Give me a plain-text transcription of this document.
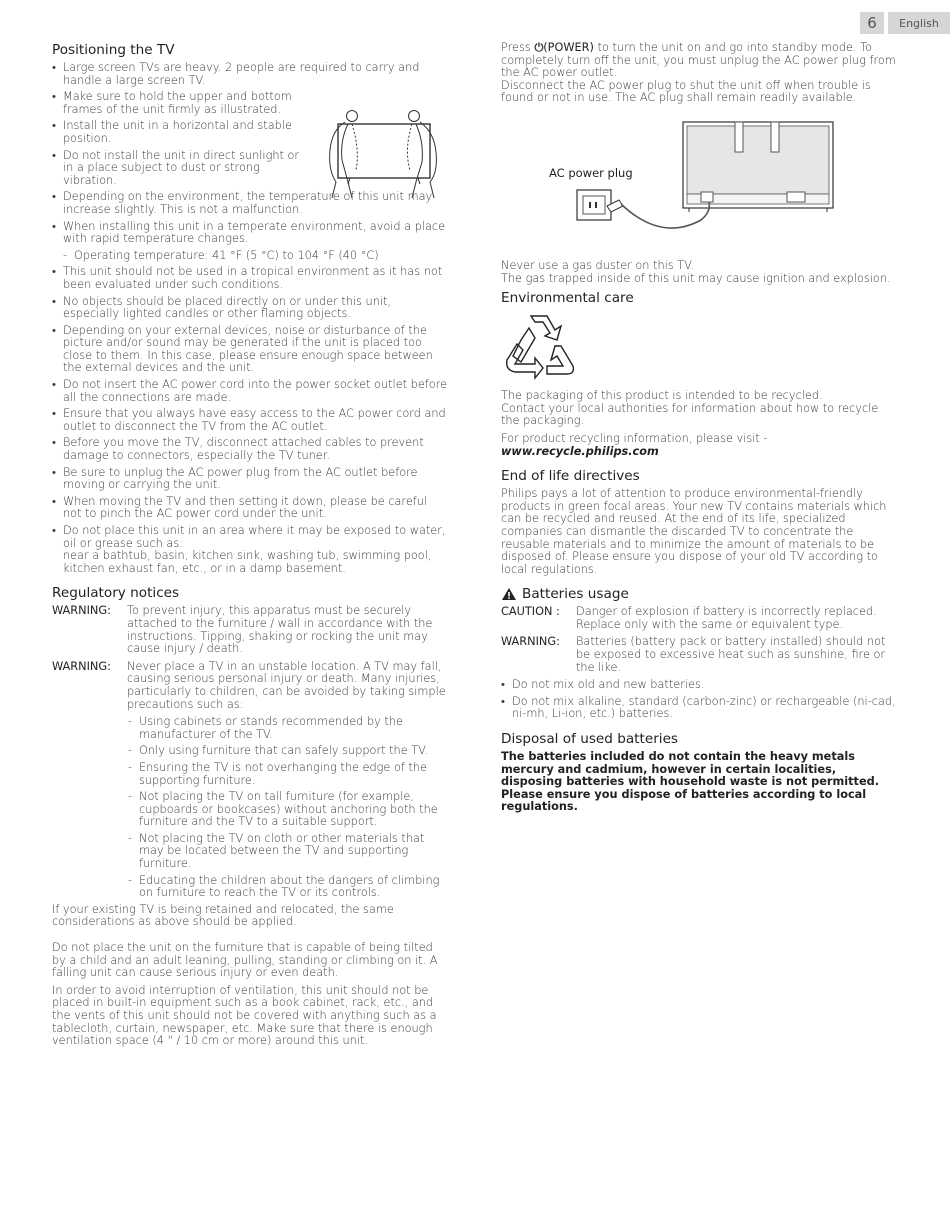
6	English
Positioning the TV
• Large screen TVs are heavy. 2 people are required to carry and handle a large screen TV.
• Make sure to hold the upper and bottom frames of the unit firmly as illustrated.
• Install the unit in a horizontal and stable position.
• Do not install the unit in direct sunlight or in a place subject to dust or strong vibration.
• Depending on the environment, the temperature of this unit may increase slightly. This is not a malfunction.
• When installing this unit in a temperate environment, avoid a place with rapid temperature changes.
- Operating temperature: 41 °F (5 °C) to 104 °F (40 °C)
• This unit should not be used in a tropical environment as it has not been evaluated under such conditions.
• No objects should be placed directly on or under this unit, especially lighted candles or other flaming objects.
• Depending on your external devices, noise or disturbance of the picture and/or sound may be generated if the unit is placed too close to them. In this case, please ensure enough space between the external devices and the unit.
• Do not insert the AC power cord into the power socket outlet before all the connections are made.
• Ensure that you always have easy access to the AC power cord and outlet to disconnect the TV from the AC outlet.
• Before you move the TV, disconnect attached cables to prevent damage to connectors, especially the TV tuner.
• Be sure to unplug the AC power plug from the AC outlet before moving or carrying the unit.
• When moving the TV and then setting it down, please be careful not to pinch the AC power cord under the unit.
• Do not place this unit in an area where it may be exposed to water, oil or grease such as:
near a bathtub, basin, kitchen sink, washing tub, swimming pool, kitchen exhaust fan, etc., or in a damp basement.
Regulatory notices
WARNING:	To prevent injury, this apparatus must be securely attached to the furniture / wall in accordance with the instructions. Tipping, shaking or rocking the unit may cause injury / death.
WARNING:	Never place a TV in an unstable location. A TV may fall, causing serious personal injury or death. Many injuries, particularly to children, can be avoided by taking simple precautions such as:
- Using cabinets or stands recommended by the manufacturer of the TV.
- Only using furniture that can safely support the TV.
- Ensuring the TV is not overhanging the edge of the supporting furniture.
- Not placing the TV on tall furniture (for example, cupboards or bookcases) without anchoring both the furniture and the TV to a suitable support.
- Not placing the TV on cloth or other materials that may be located between the TV and supporting furniture.
- Educating the children about the dangers of climbing on furniture to reach the TV or its controls.

If your existing TV is being retained and relocated, the same considerations as above should be applied.

Do not place the unit on the furniture that is capable of being tilted by a child and an adult leaning, pulling, standing or climbing on it. A falling unit can cause serious injury or even death.

In order to avoid interruption of ventilation, this unit should not be placed in built-in equipment such as a book cabinet, rack, etc., and the vents of this unit should not be covered with anything such as a tablecloth, curtain, newspaper, etc. Make sure that there is enough ventilation space (4 " / 10 cm or more) around this unit.

Press ⏻(POWER) to turn the unit on and go into standby mode. To completely turn off the unit, you must unplug the AC power plug from the AC power outlet.

Disconnect the AC power plug to shut the unit off when trouble is found or not in use. The AC plug shall remain readily available.

AC power plug

Never use a gas duster on this TV.

The gas trapped inside of this unit may cause ignition and explosion.

Environmental care

The packaging of this product is intended to be recycled.

Contact your local authorities for information about how to recycle the packaging.

For product recycling information, please visit -

www.recycle.philips.com

End of life directives

Philips pays a lot of attention to produce environmental-friendly products in green focal areas. Your new TV contains materials which can be recycled and reused. At the end of its life, specialized companies can dismantle the discarded TV to concentrate the reusable materials and to minimize the amount of materials to be disposed of. Please ensure you dispose of your old TV according to local regulations.

Batteries usage
CAUTION :	Danger of explosion if battery is incorrectly replaced. Replace only with the same or equivalent type.
WARNING:	Batteries (battery pack or battery installed) should not be exposed to excessive heat such as sunshine, fire or the like.
• Do not mix old and new batteries.
• Do not mix alkaline, standard (carbon-zinc) or rechargeable (ni-cad, ni-mh, Li-ion, etc.) batteries.
Disposal of used batteries

The batteries included do not contain the heavy metals mercury and cadmium, however in certain localities, disposing batteries with household waste is not permitted. Please ensure you dispose of batteries according to local regulations.
